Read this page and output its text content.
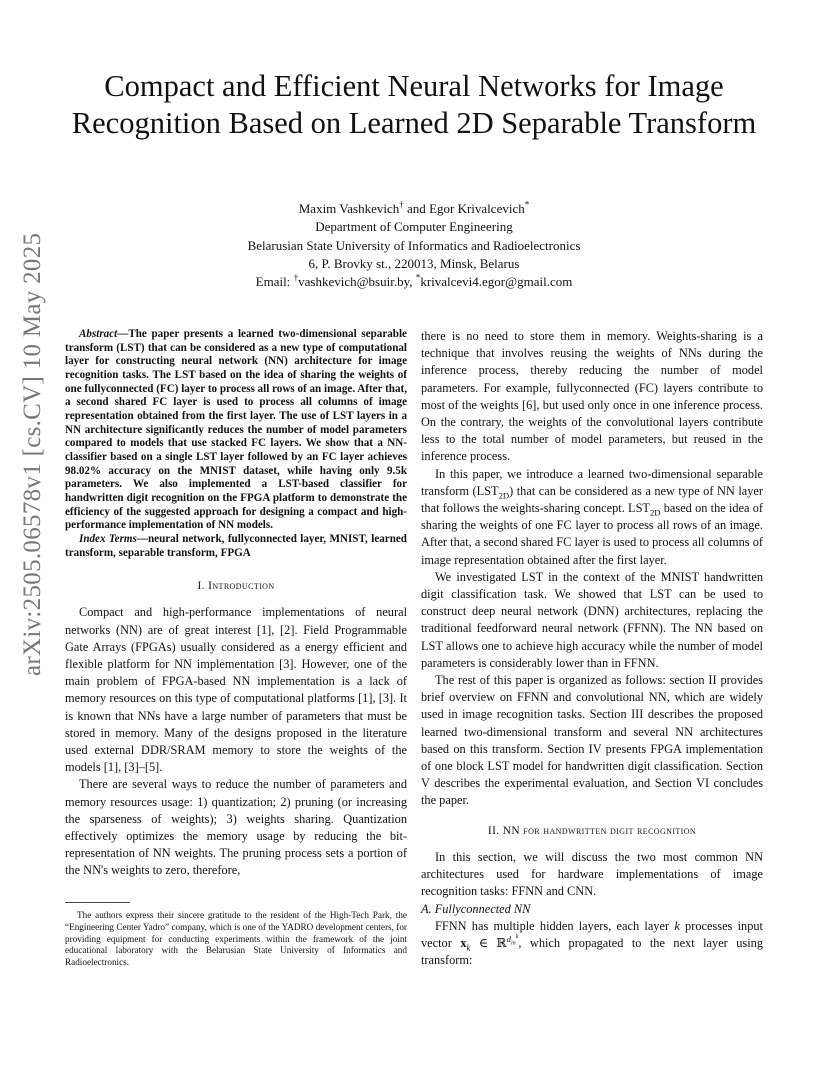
arXiv:2505.06578v1 [cs.CV] 10 May 2025
Compact and Efficient Neural Networks for Image Recognition Based on Learned 2D Separable Transform
Maxim Vashkevich† and Egor Krivalcevich*
Department of Computer Engineering
Belarusian State University of Informatics and Radioelectronics
6, P. Brovky st., 220013, Minsk, Belarus
Email: †vashkevich@bsuir.by, *krivalcevi4.egor@gmail.com

Abstract—The paper presents a learned two-dimensional separable transform (LST) that can be considered as a new type of computational layer for constructing neural network (NN) architecture for image recognition tasks. The LST based on the idea of sharing the weights of one fullyconnected (FC) layer to process all rows of an image. After that, a second shared FC layer is used to process all columns of image representation obtained from the first layer. The use of LST layers in a NN architecture significantly reduces the number of model parameters compared to models that use stacked FC layers. We show that a NN-classifier based on a single LST layer followed by an FC layer achieves 98.02% accuracy on the MNIST dataset, while having only 9.5k parameters. We also implemented a LST-based classifier for handwritten digit recognition on the FPGA platform to demonstrate the efficiency of the suggested approach for designing a compact and high-performance implementation of NN models.

Index Terms—neural network, fullyconnected layer, MNIST, learned transform, separable transform, FPGA

I. Introduction

Compact and high-performance implementations of neural networks (NN) are of great interest [1], [2]. Field Programmable Gate Arrays (FPGAs) usually considered as a energy efficient and flexible platform for NN implementation [3]. However, one of the main problem of FPGA-based NN implementation is a lack of memory resources on this type of computational platforms [1], [3]. It is known that NNs have a large number of parameters that must be stored in memory. Many of the designs proposed in the literature used external DDR/SRAM memory to store the weights of the models [1], [3]–[5].

There are several ways to reduce the number of parameters and memory resources usage: 1) quantization; 2) pruning (or increasing the sparseness of weights); 3) weights sharing. Quantization effectively optimizes the memory usage by reducing the bit-representation of NN weights. The pruning process sets a portion of the NN's weights to zero, therefore,

The authors express their sincere gratitude to the resident of the High-Tech Park, the “Engineering Center Yadro” company, which is one of the YADRO development centers, for providing equipment for conducting experiments within the framework of the joint educational laboratory with the Belarusian State University of Informatics and Radioelectronics.

there is no need to store them in memory. Weights-sharing is a technique that involves reusing the weights of NNs during the inference process, thereby reducing the number of model parameters. For example, fullyconnected (FC) layers contribute to most of the weights [6], but used only once in one inference process. On the contrary, the weights of the convolutional layers contribute less to the total number of model parameters, but reused in the inference process.

In this paper, we introduce a learned two-dimensional separable transform $(LST_{2D})$ that can be considered as a new type of NN layer that follows the weights-sharing concept. $LST_{2D}$ based on the idea of sharing the weights of one FC layer to process all rows of an image. After that, a second shared FC layer is used to process all columns of image representation obtained after the first layer.

We investigated LST in the context of the MNIST handwritten digit classification task. We showed that LST can be used to construct deep neural network (DNN) architectures, replacing the traditional feedforward neural network (FFNN). The NN based on LST allows one to achieve high accuracy while the number of model parameters is considerably lower than in FFNN.

The rest of this paper is organized as follows: section II provides brief overview on FFNN and convolutional NN, which are widely used in image recognition tasks. Section III describes the proposed learned two-dimensional transform and several NN architectures based on this transform. Section IV presents FPGA implementation of one block LST model for handwritten digit classification. Section V describes the experimental evaluation, and Section VI concludes the paper.

II. NN for handwritten digit recognition

In this section, we will discuss the two most common NN architectures used for hardware implementations of image recognition tasks: FFNN and CNN.

A. Fullyconnected NN

FFNN has multiple hidden layers, each layer k processes input vector $x_k$ ∈ ℝ$^{d_{in}^k}$, which propagated to the next layer using transform:
